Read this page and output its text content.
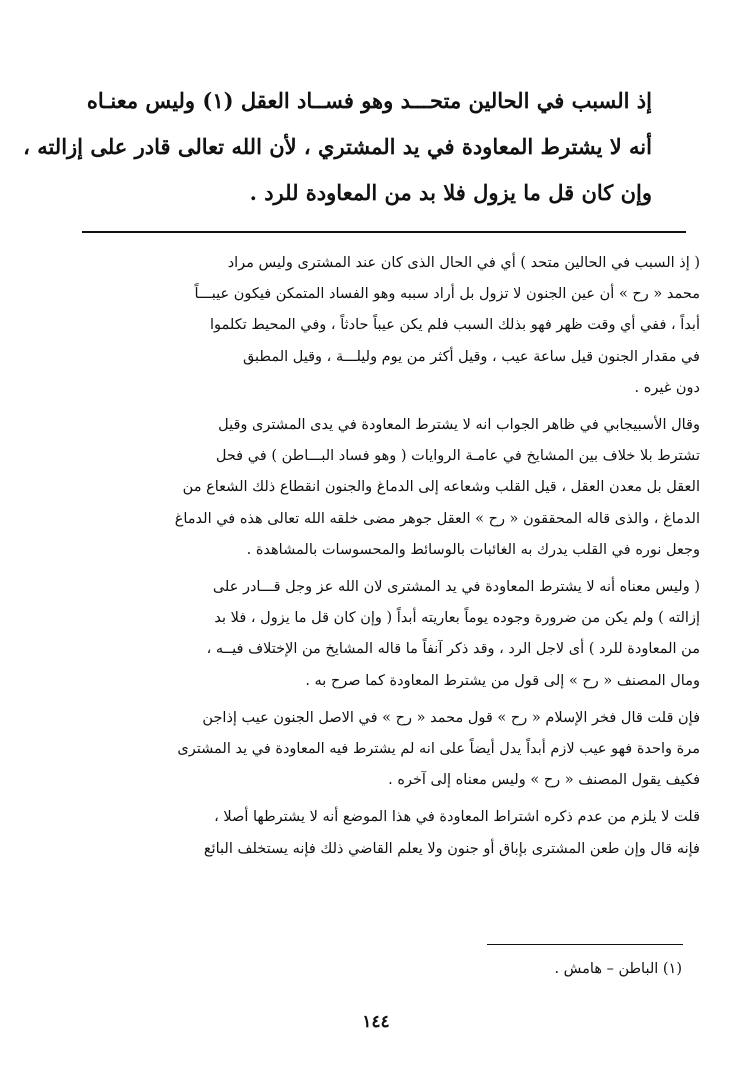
إذ السبب في الحالين متحـــد وهو فســاد العقل (١) وليس معنـاه
أنه لا يشترط المعاودة في يد المشتري ، لأن الله تعالى قادر على إزالته ،
وإن كان قل ما يزول فلا بد من المعاودة للرد .
( إذ السبب في الحالين متحد ) أي في الحال الذى كان عند المشترى وليس مراد
محمد « رح » أن عين الجنون لا تزول بل أراد سببه وهو الفساد المتمكن فيكون عيبـــاً
أبداً ، ففي أي وقت ظهر فهو بذلك السبب فلم يكن عيباً حادثاً ، وفي المحيط تكلموا
في مقدار الجنون قيل ساعة عيب ، وقيل أكثر من يوم وليلـــة ، وقيل المطبق
دون غيره .
وقال الأسبيجابي في ظاهر الجواب انه لا يشترط المعاودة في يدى المشترى وقيل
تشترط بلا خلاف بين المشايخ في عامـة الروايات ( وهو فساد البـــاطن ) في فحل
العقل بل معدن العقل ، قيل القلب وشعاعه إلى الدماغ والجنون انقطاع ذلك الشعاع من
الدماغ ، والذى قاله المحققون « رح » العقل جوهر مضى خلقه الله تعالى هذه في الدماغ
وجعل نوره في القلب يدرك به الغائبات بالوسائط والمحسوسات بالمشاهدة .
( وليس معناه أنه لا يشترط المعاودة في يد المشترى لان الله عز وجل قـــادر على
إزالته ) ولم يكن من ضرورة وجوده يوماً بعاريته أبداً ( وإن كان قل ما يزول ، فلا بد
من المعاودة للرد ) أى لاجل الرد ، وقد ذكر آنفاً ما قاله المشايخ من الإختلاف فيــه ،
ومال المصنف « رح » إلى قول من يشترط المعاودة كما صرح به .
فإن قلت قال فخر الإسلام « رح » قول محمد « رح » في الاصل الجنون عيب إذاجن
مرة واحدة فهو عيب لازم أبداً يدل أيضاً على انه لم يشترط فيه المعاودة في يد المشترى
فكيف يقول المصنف « رح » وليس معناه إلى آخره .
قلت لا يلزم من عدم ذكره اشتراط المعاودة في هذا الموضع أنه لا يشترطها أصلا ،
فإنه قال وإن طعن المشترى بإباق أو جنون ولا يعلم القاضي ذلك فإنه يستخلف البائع
(١) الباطن – هامش .
١٤٤
